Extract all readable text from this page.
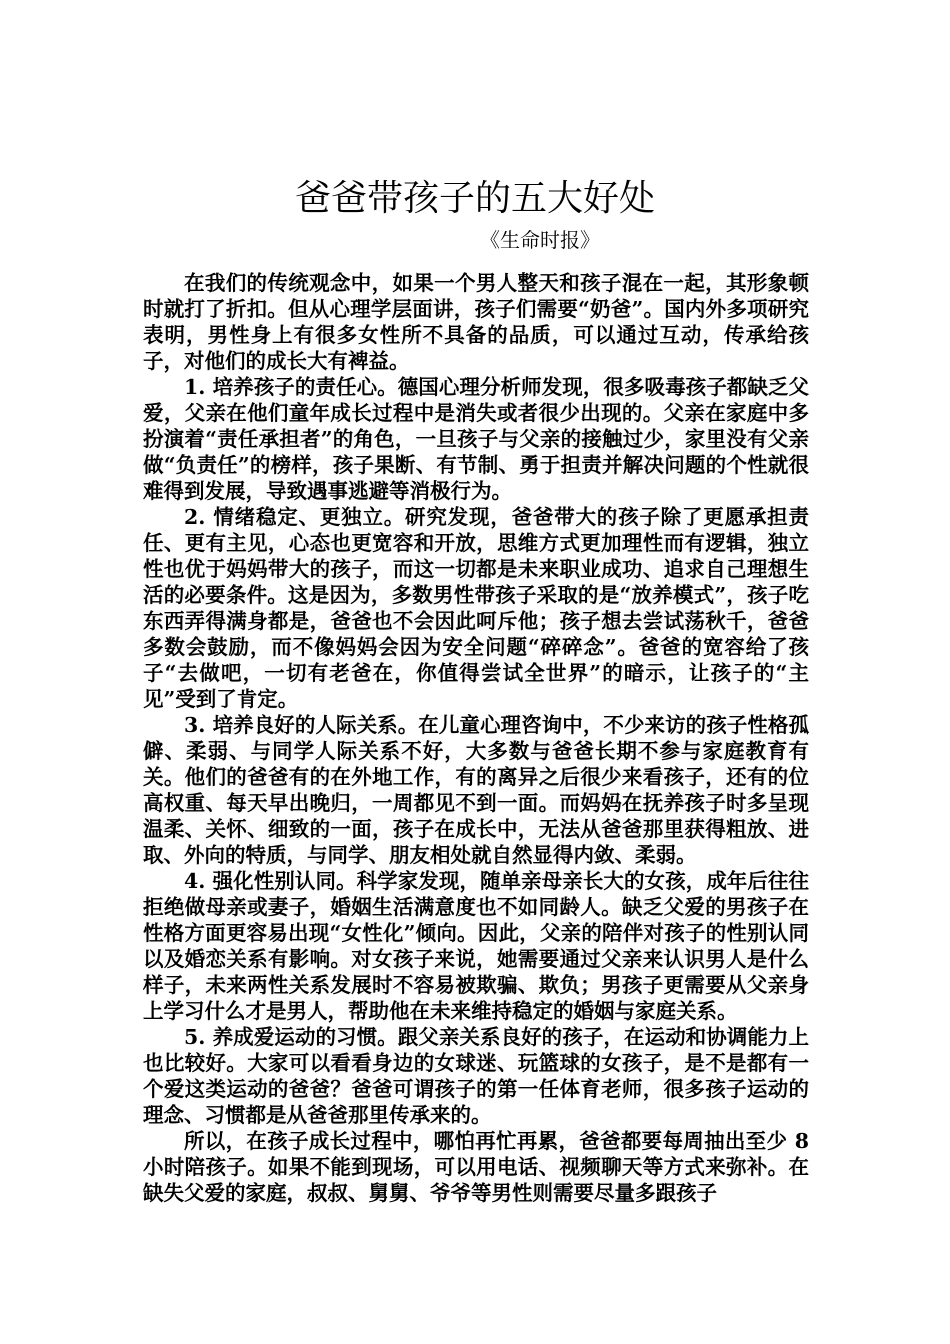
爸爸带孩子的五大好处
《生命时报》

在我们的传统观念中，如果一个男人整天和孩子混在一起，其形象顿时就打了折扣。但从心理学层面讲，孩子们需要“奶爸”。国内外多项研究表明，男性身上有很多女性所不具备的品质，可以通过互动，传承给孩子，对他们的成长大有裨益。

1. 培养孩子的责任心。德国心理分析师发现，很多吸毒孩子都缺乏父爱，父亲在他们童年成长过程中是消失或者很少出现的。父亲在家庭中多扮演着“责任承担者”的角色，一旦孩子与父亲的接触过少，家里没有父亲做“负责任”的榜样，孩子果断、有节制、勇于担责并解决问题的个性就很难得到发展，导致遇事逃避等消极行为。

2. 情绪稳定、更独立。研究发现，爸爸带大的孩子除了更愿承担责任、更有主见，心态也更宽容和开放，思维方式更加理性而有逻辑，独立性也优于妈妈带大的孩子，而这一切都是未来职业成功、追求自己理想生活的必要条件。这是因为，多数男性带孩子采取的是“放养模式”，孩子吃东西弄得满身都是，爸爸也不会因此呵斥他；孩子想去尝试荡秋千，爸爸多数会鼓励，而不像妈妈会因为安全问题“碎碎念”。爸爸的宽容给了孩子“去做吧，一切有老爸在，你值得尝试全世界”的暗示，让孩子的“主见”受到了肯定。

3. 培养良好的人际关系。在儿童心理咨询中，不少来访的孩子性格孤僻、柔弱、与同学人际关系不好，大多数与爸爸长期不参与家庭教育有关。他们的爸爸有的在外地工作，有的离异之后很少来看孩子，还有的位高权重、每天早出晚归，一周都见不到一面。而妈妈在抚养孩子时多呈现温柔、关怀、细致的一面，孩子在成长中，无法从爸爸那里获得粗放、进取、外向的特质，与同学、朋友相处就自然显得内敛、柔弱。

4. 强化性别认同。科学家发现，随单亲母亲长大的女孩，成年后往往拒绝做母亲或妻子，婚姻生活满意度也不如同龄人。缺乏父爱的男孩子在性格方面更容易出现“女性化”倾向。因此，父亲的陪伴对孩子的性别认同以及婚恋关系有影响。对女孩子来说，她需要通过父亲来认识男人是什么样子，未来两性关系发展时不容易被欺骗、欺负；男孩子更需要从父亲身上学习什么才是男人，帮助他在未来维持稳定的婚姻与家庭关系。

5. 养成爱运动的习惯。跟父亲关系良好的孩子，在运动和协调能力上也比较好。大家可以看看身边的女球迷、玩篮球的女孩子，是不是都有一个爱这类运动的爸爸？爸爸可谓孩子的第一任体育老师，很多孩子运动的理念、习惯都是从爸爸那里传承来的。

所以，在孩子成长过程中，哪怕再忙再累，爸爸都要每周抽出至少 8 小时陪孩子。如果不能到现场，可以用电话、视频聊天等方式来弥补。在缺失父爱的家庭，叔叔、舅舅、爷爷等男性则需要尽量多跟孩子
